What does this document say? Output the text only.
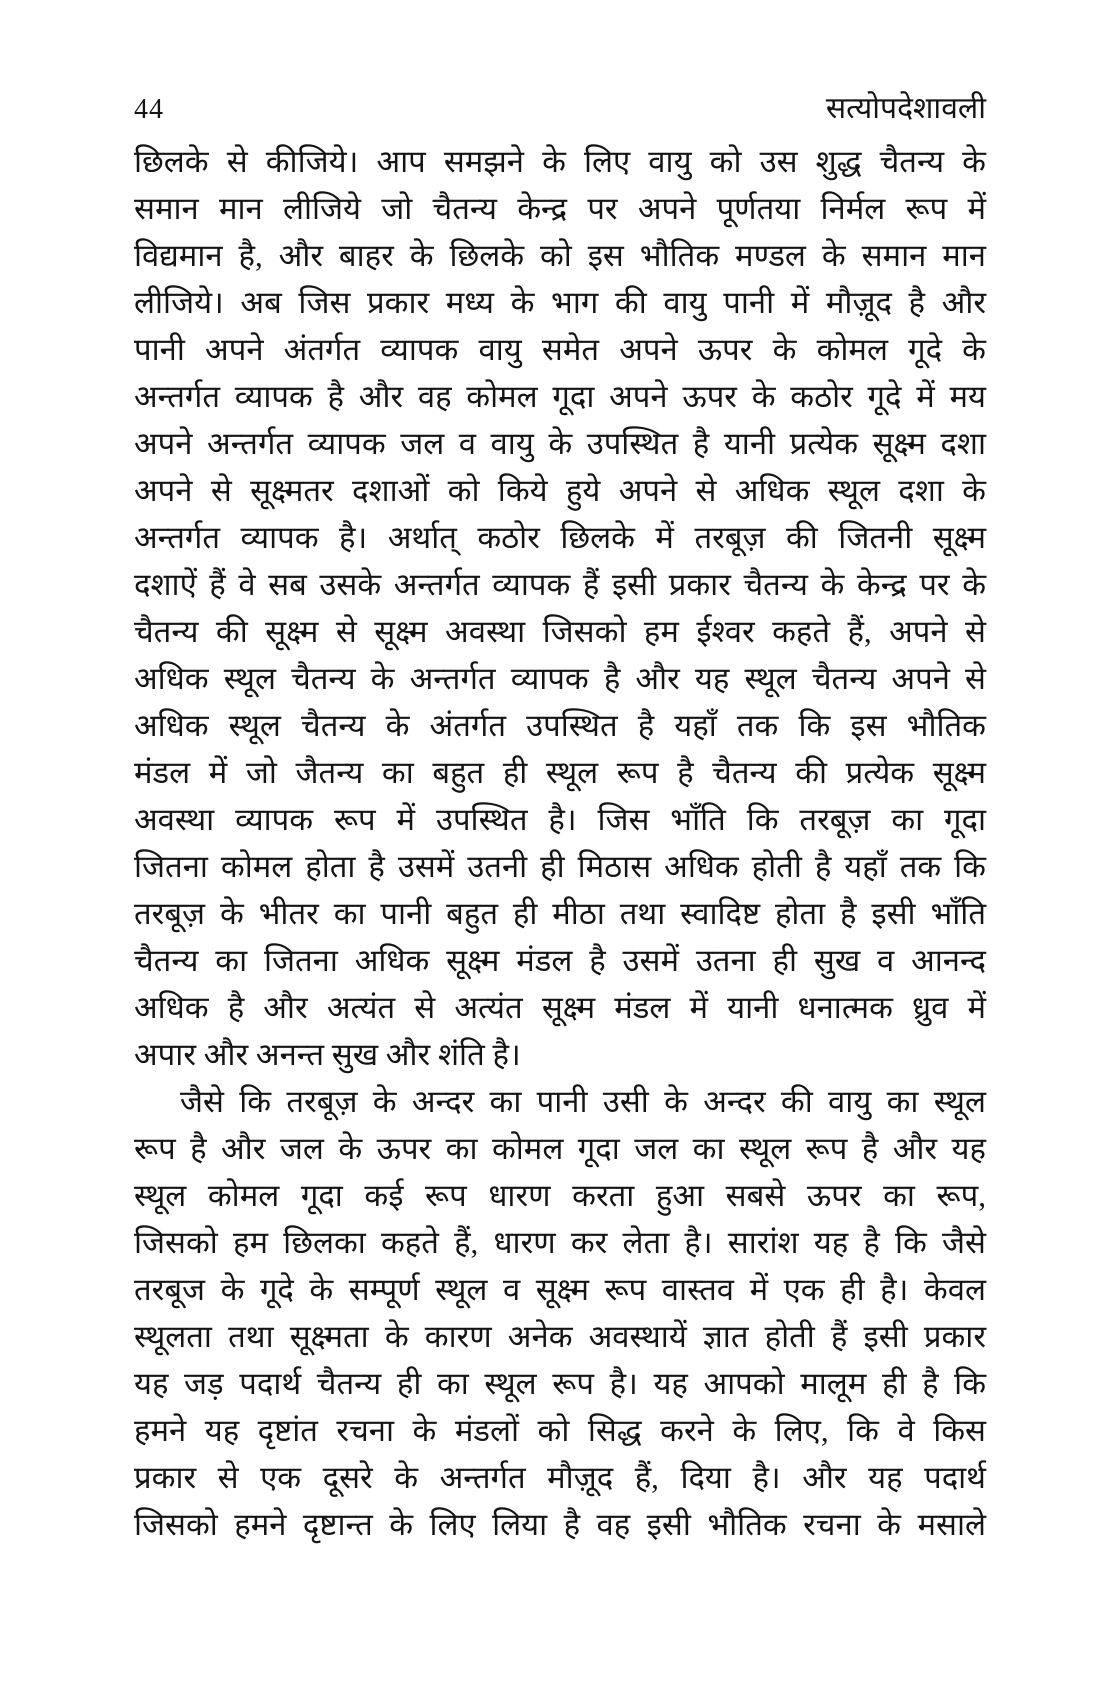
44	सत्योपदेशावली
छिलके से कीजिये। आप समझने के लिए वायु को उस शुद्ध चैतन्य के
समान मान लीजिये जो चैतन्य केन्द्र पर अपने पूर्णतया निर्मल रूप में
विद्यमान है, और बाहर के छिलके को इस भौतिक मण्डल के समान मान
लीजिये। अब जिस प्रकार मध्य के भाग की वायु पानी में मौज़ूद है और
पानी अपने अंतर्गत व्यापक वायु समेत अपने ऊपर के कोमल गूदे के
अन्तर्गत व्यापक है और वह कोमल गूदा अपने ऊपर के कठोर गूदे में मय
अपने अन्तर्गत व्यापक जल व वायु के उपस्थित है यानी प्रत्येक सूक्ष्म दशा
अपने से सूक्ष्मतर दशाओं को किये हुये अपने से अधिक स्थूल दशा के
अन्तर्गत व्यापक है। अर्थात् कठोर छिलके में तरबूज़ की जितनी सूक्ष्म
दशाऐं हैं वे सब उसके अन्तर्गत व्यापक हैं इसी प्रकार चैतन्य के केन्द्र पर के
चैतन्य की सूक्ष्म से सूक्ष्म अवस्था जिसको हम ईश्वर कहते हैं, अपने से
अधिक स्थूल चैतन्य के अन्तर्गत व्यापक है और यह स्थूल चैतन्य अपने से
अधिक स्थूल चैतन्य के अंतर्गत उपस्थित है यहाँ तक कि इस भौतिक
मंडल में जो जैतन्य का बहुत ही स्थूल रूप है चैतन्य की प्रत्येक सूक्ष्म
अवस्था व्यापक रूप में उपस्थित है। जिस भाँति कि तरबूज़ का गूदा
जितना कोमल होता है उसमें उतनी ही मिठास अधिक होती है यहाँ तक कि
तरबूज़ के भीतर का पानी बहुत ही मीठा तथा स्वादिष्ट होता है इसी भाँति
चैतन्य का जितना अधिक सूक्ष्म मंडल है उसमें उतना ही सुख व आनन्द
अधिक है और अत्यंत से अत्यंत सूक्ष्म मंडल में यानी धनात्मक ध्रुव में
अपार और अनन्त सुख और शंति है।
जैसे कि तरबूज़ के अन्दर का पानी उसी के अन्दर की वायु का स्थूल
रूप है और जल के ऊपर का कोमल गूदा जल का स्थूल रूप है और यह
स्थूल कोमल गूदा कई रूप धारण करता हुआ सबसे ऊपर का रूप,
जिसको हम छिलका कहते हैं, धारण कर लेता है। सारांश यह है कि जैसे
तरबूज के गूदे के सम्पूर्ण स्थूल व सूक्ष्म रूप वास्तव में एक ही है। केवल
स्थूलता तथा सूक्ष्मता के कारण अनेक अवस्थायें ज्ञात होती हैं इसी प्रकार
यह जड़ पदार्थ चैतन्य ही का स्थूल रूप है। यह आपको मालूम ही है कि
हमने यह दृष्टांत रचना के मंडलों को सिद्ध करने के लिए, कि वे किस
प्रकार से एक दूसरे के अन्तर्गत मौज़ूद हैं, दिया है। और यह पदार्थ
जिसको हमने दृष्टान्त के लिए लिया है वह इसी भौतिक रचना के मसाले
